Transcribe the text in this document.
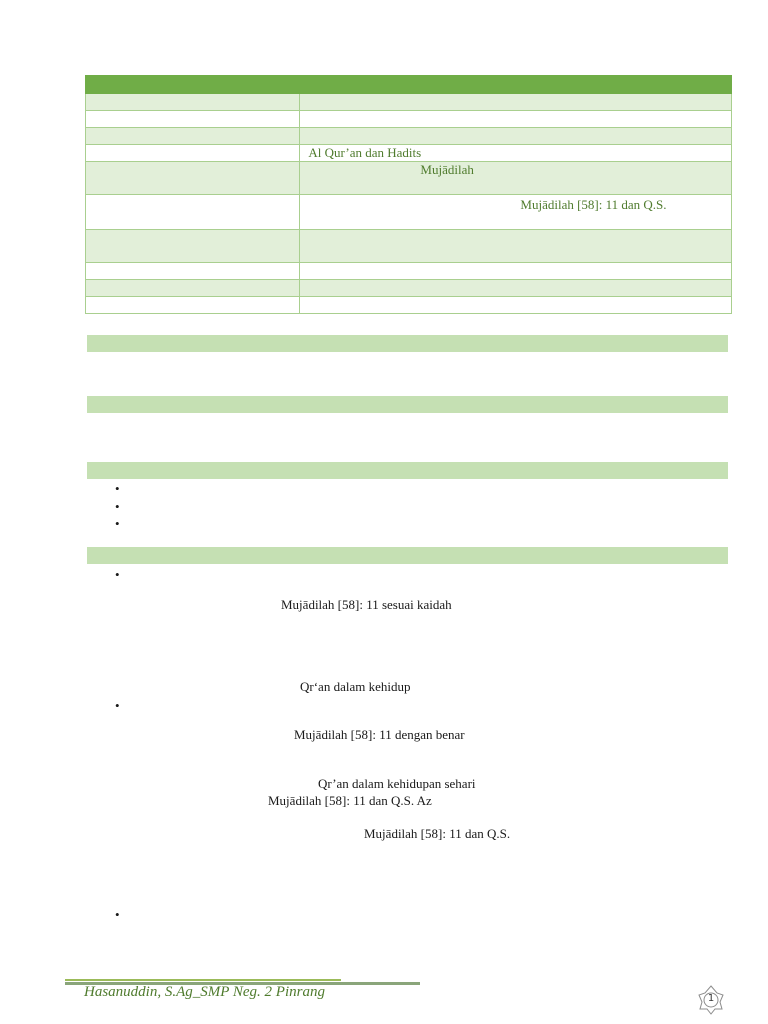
	Al Qur’an dan Hadits
	Mujādilah
	Mujādilah [58]: 11 dan Q.S.

•
•
•
•
Mujādilah [58]: 11 sesuai kaidah
Qr‘an dalam kehidup
•
Mujādilah [58]: 11 dengan benar
Qr’an dalam kehidupan sehari
Mujādilah [58]: 11 dan Q.S. Az
Mujādilah [58]: 11 dan Q.S.
•
Hasanuddin, S.Ag_SMP Neg. 2 Pinrang	1
